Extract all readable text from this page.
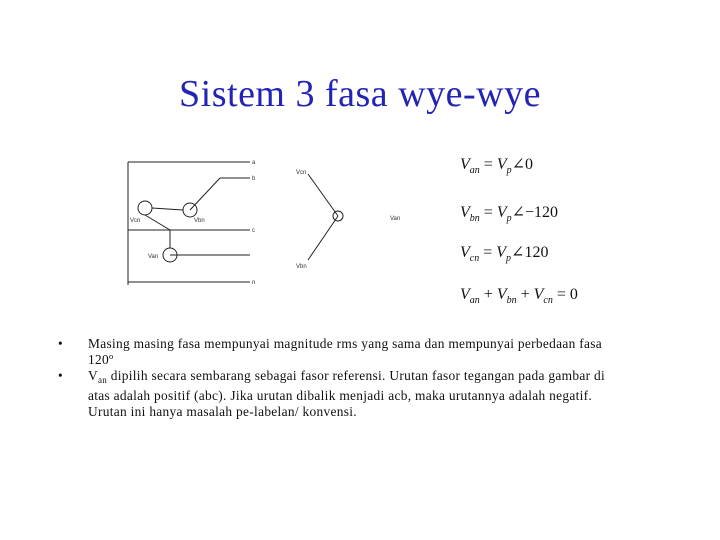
Sistem 3 fasa wye-wye
a
b
c
n
Vcn	Vbn
Van
Vcn
Van
Vbn
$V_{an}$ = $V_p\angle 0$
$V_{bn}$ = $V_p\angle-120$
$V_{cn}$ = $V_p\angle 120$
$V_{an} + V_{bn} + V_{cn} = 0$

• Masing masing fasa mempunyai magnitude rms yang sama dan mempunyai perbedaan fasa 120º

• $V_{an}$ dipilih secara sembarang sebagai fasor referensi. Urutan fasor tegangan pada gambar di atas adalah positif (abc). Jika urutan dibalik menjadi acb, maka urutannya adalah negatif. Urutan ini hanya masalah pe-labelan/ konvensi.
